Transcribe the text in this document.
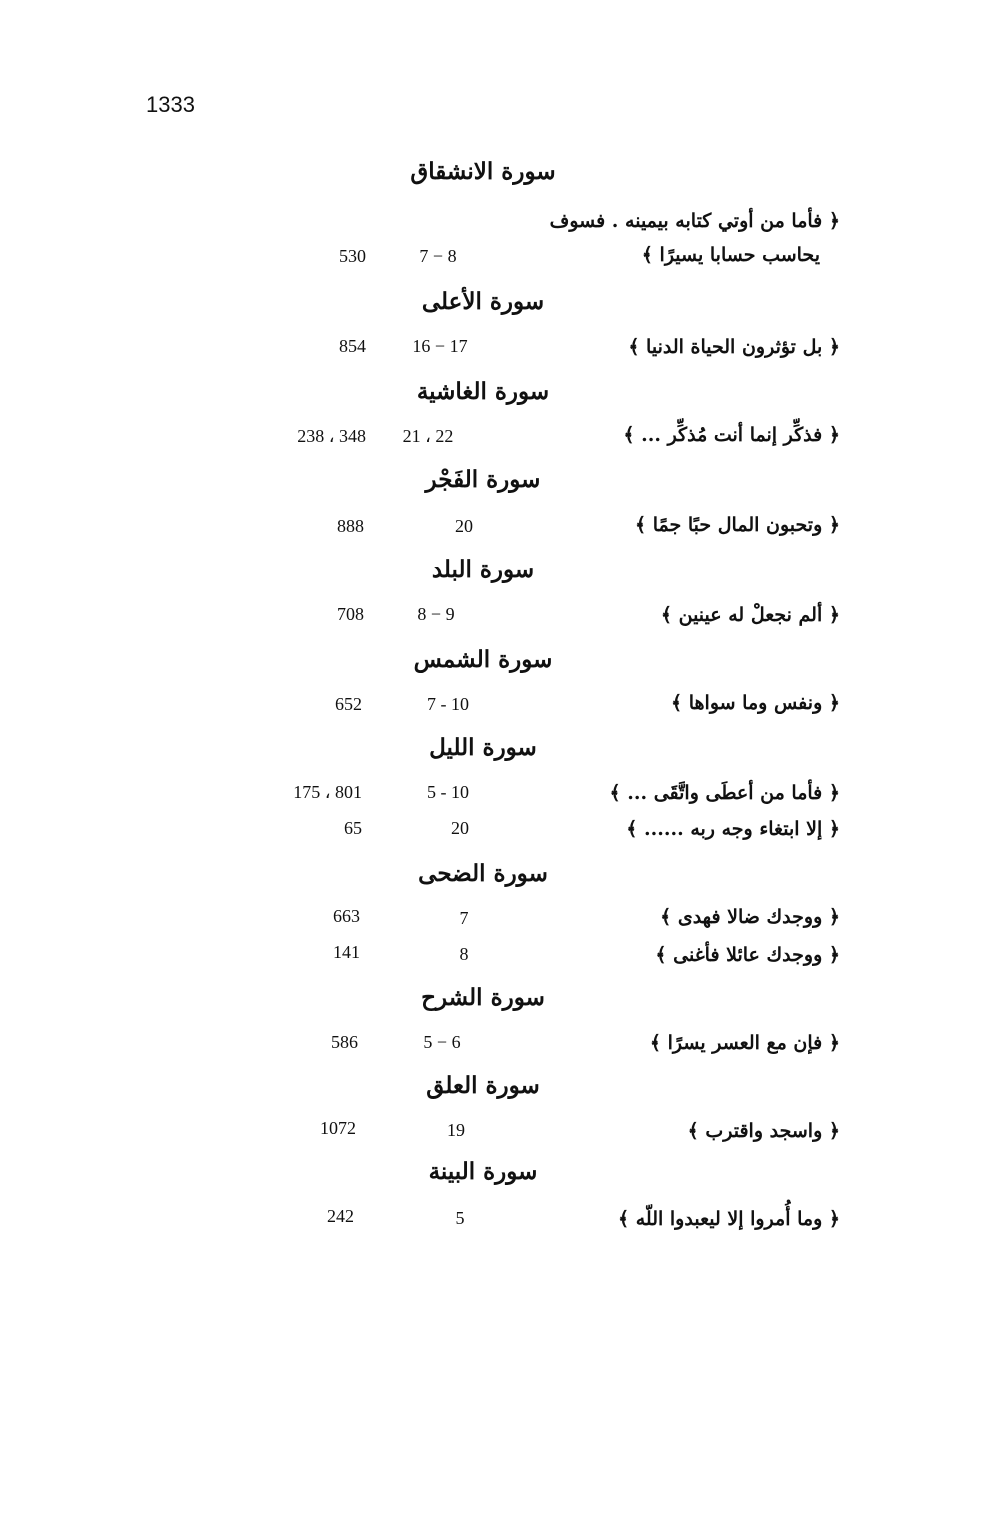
1333
سورة الانشقاق
﴿ فأما من أوتي كتابه بيمينه . فسوف
يحاسب حسابا يسيرًا ﴾
7 − 8
530
سورة الأعلى
﴿ بل تؤثرون الحياة الدنيا ﴾
16 − 17
854
سورة الغاشية
﴿ فذكِّر إنما أنت مُذكِّر ... ﴾
21 ، 22
238 ، 348
سورة الفَجْر
﴿ وتحبون المال حبًا جمًا ﴾
20
888
سورة البلد
﴿ ألم نجعلْ له عينين ﴾
8 − 9
708
سورة الشمس
﴿ ونفس وما سواها ﴾
7 - 10
652
سورة الليل
﴿ فأما من أعطَى واتَّقَى ... ﴾
5 - 10
175 ، 801
﴿ إلا ابتغاء وجه ربه ...... ﴾
20
65
سورة الضحى
﴿ ووجدك ضالا فهدى ﴾
7
663
﴿ ووجدك عائلا فأغنى ﴾
8
141
سورة الشرح
﴿ فإن مع العسر يسرًا ﴾
5 − 6
586
سورة العلق
﴿ واسجد واقترب ﴾
19
1072
سورة البينة
﴿ وما أُمروا إلا ليعبدوا اللّه ﴾
5
242
